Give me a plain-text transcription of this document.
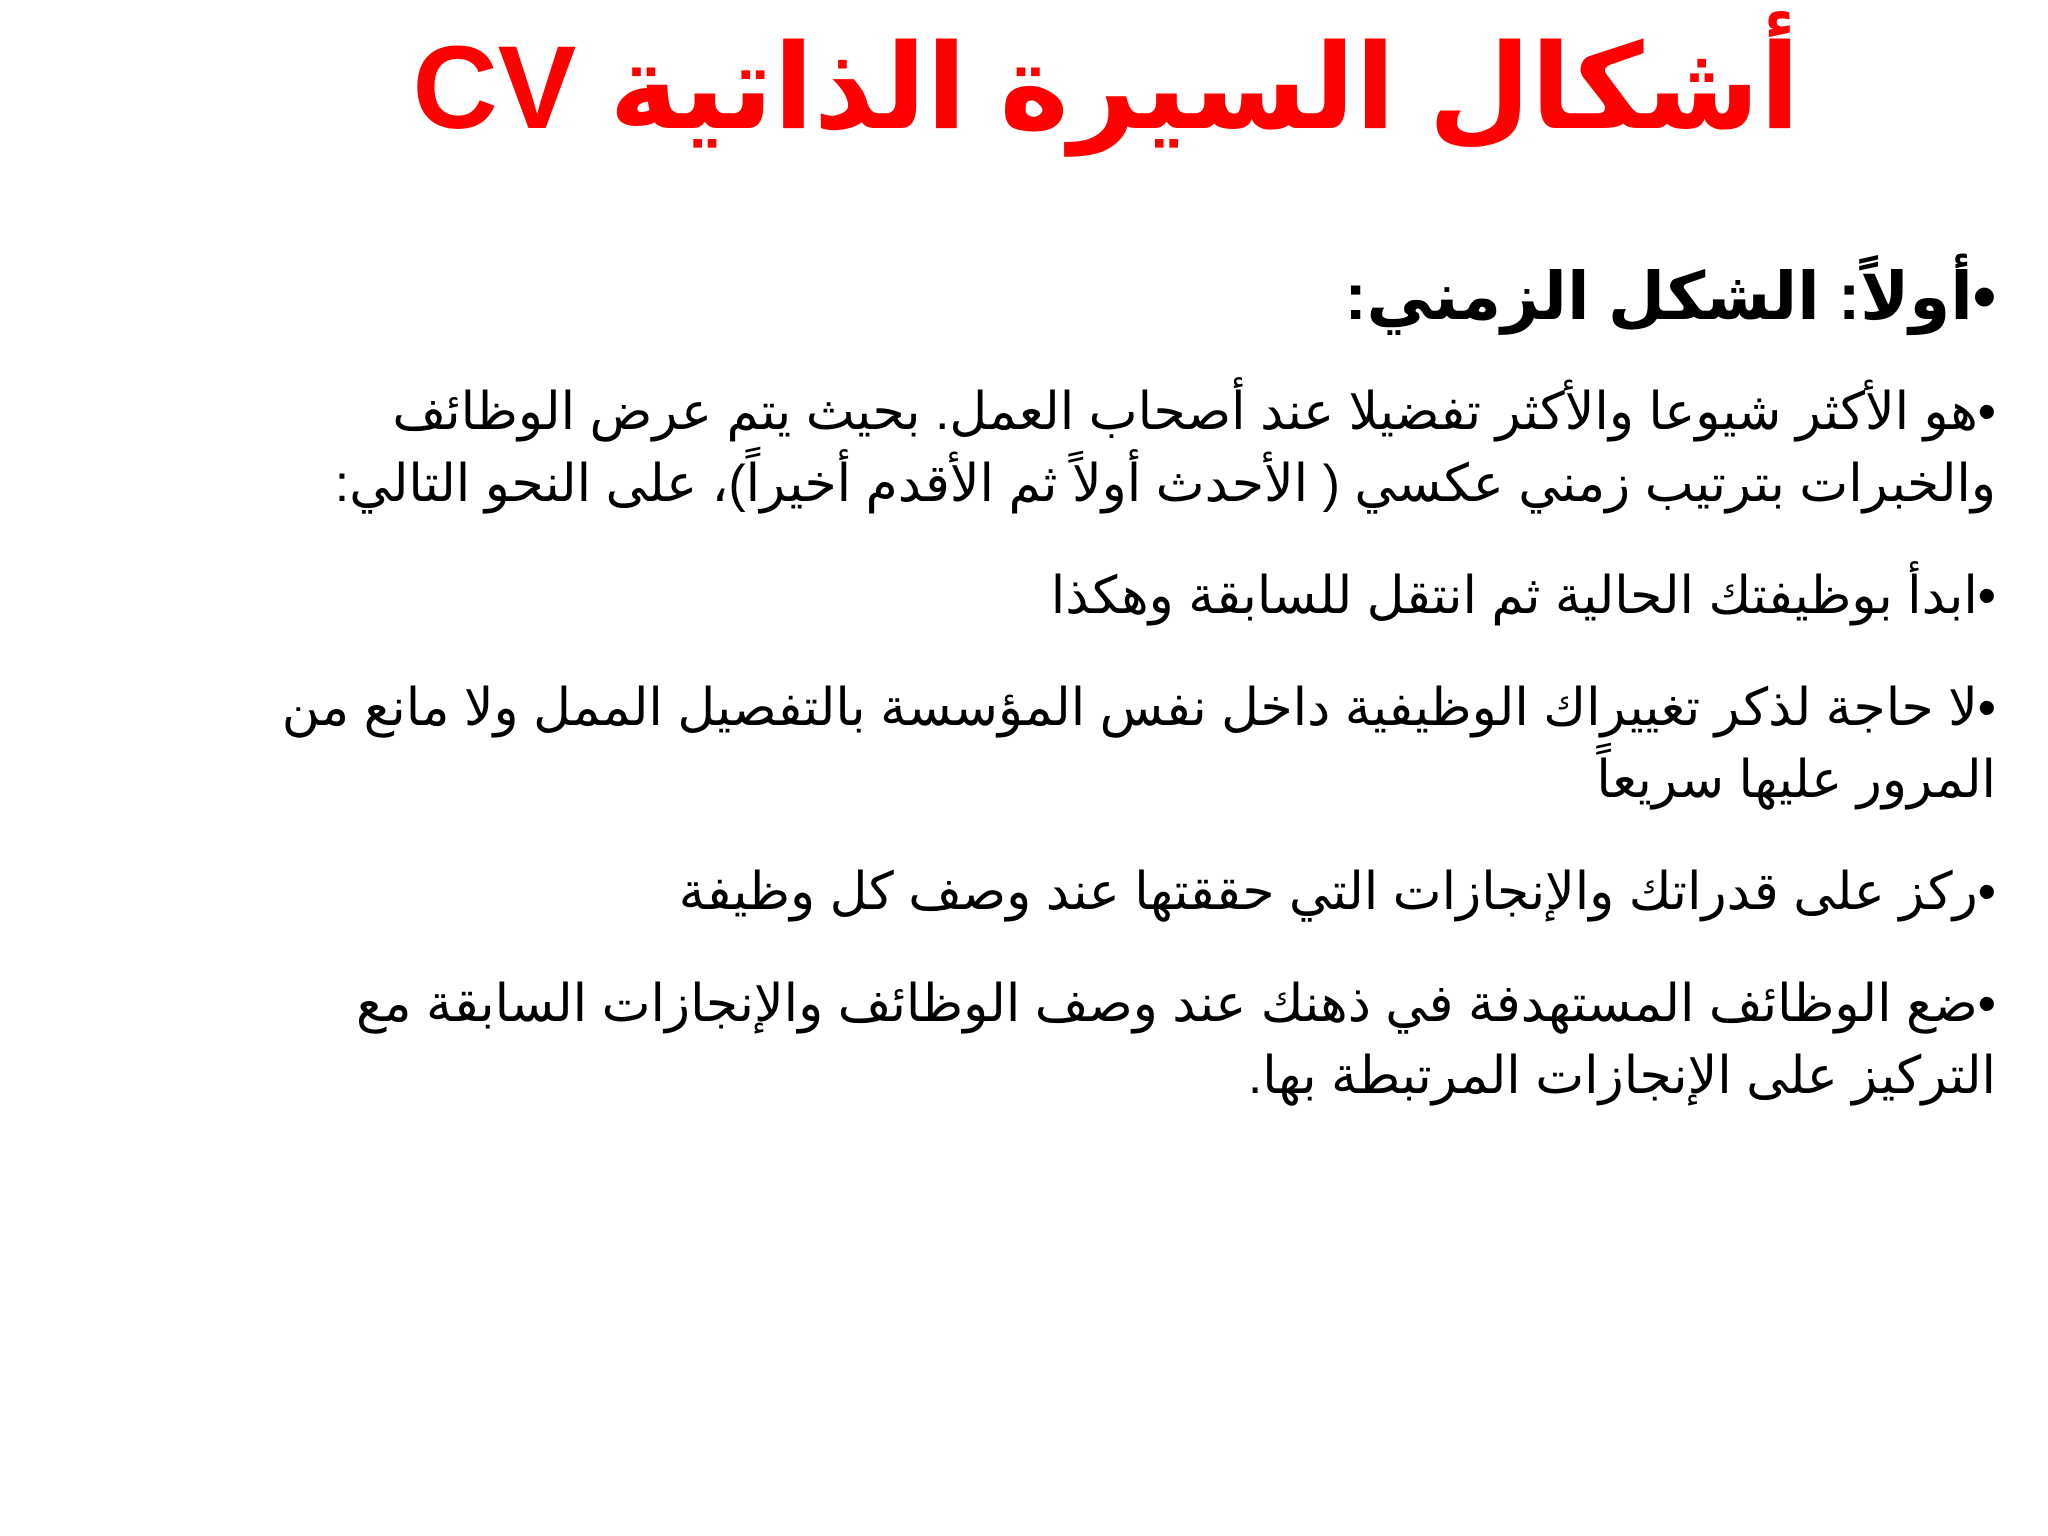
أشكال السيرة الذاتية CV
•أولاً: الشكل الزمني:
•هو الأكثر شيوعا والأكثر تفضيلا عند أصحاب العمل. بحيث يتم عرض الوظائف والخبرات بترتيب زمني عكسي ( الأحدث أولاً ثم الأقدم أخيراً)، على النحو التالي:
•ابدأ بوظيفتك الحالية ثم انتقل للسابقة وهكذا
•لا حاجة لذكر تغييراك الوظيفية داخل نفس المؤسسة بالتفصيل الممل ولا مانع من المرور عليها سريعاً
•ركز على قدراتك والإنجازات التي حققتها عند وصف كل وظيفة
•ضع الوظائف المستهدفة في ذهنك عند وصف الوظائف والإنجازات السابقة مع التركيز على الإنجازات المرتبطة بها.
